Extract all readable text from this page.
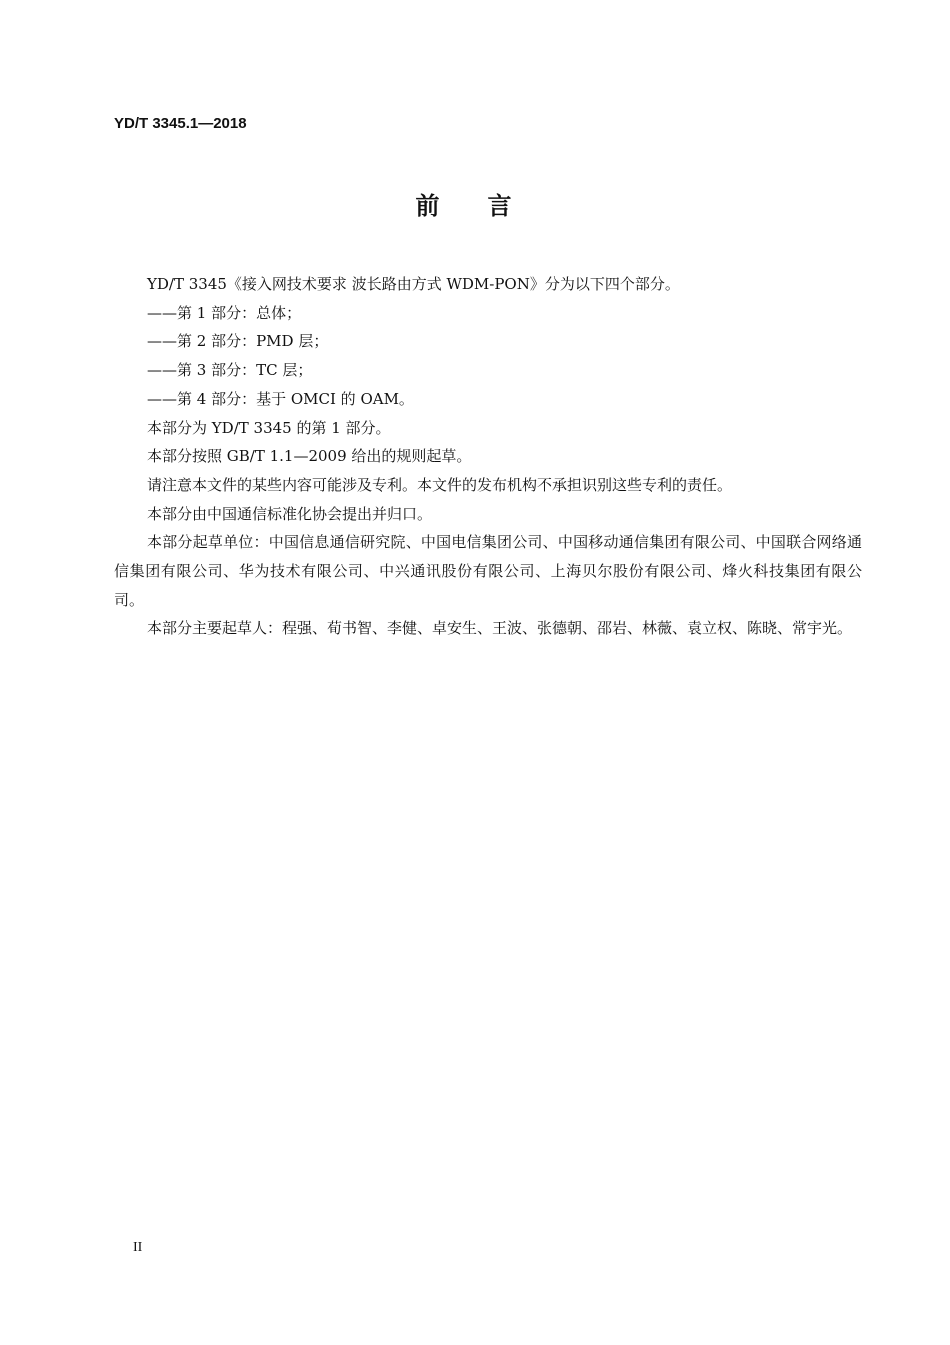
YD/T 3345.1—2018
前言

YD/T 3345《接入网技术要求 波长路由方式 WDM-PON》分为以下四个部分。

——第 1 部分：总体；

——第 2 部分：PMD 层；

——第 3 部分：TC 层；

——第 4 部分：基于 OMCI 的 OAM。

本部分为 YD/T 3345 的第 1 部分。

本部分按照 GB/T 1.1—2009 给出的规则起草。

请注意本文件的某些内容可能涉及专利。本文件的发布机构不承担识别这些专利的责任。

本部分由中国通信标准化协会提出并归口。

本部分起草单位：中国信息通信研究院、中国电信集团公司、中国移动通信集团有限公司、中国联合网络通信集团有限公司、华为技术有限公司、中兴通讯股份有限公司、上海贝尔股份有限公司、烽火科技集团有限公司。

本部分主要起草人：程强、荀书智、李健、卓安生、王波、张德朝、邵岩、林薇、袁立权、陈晓、常宇光。

II
